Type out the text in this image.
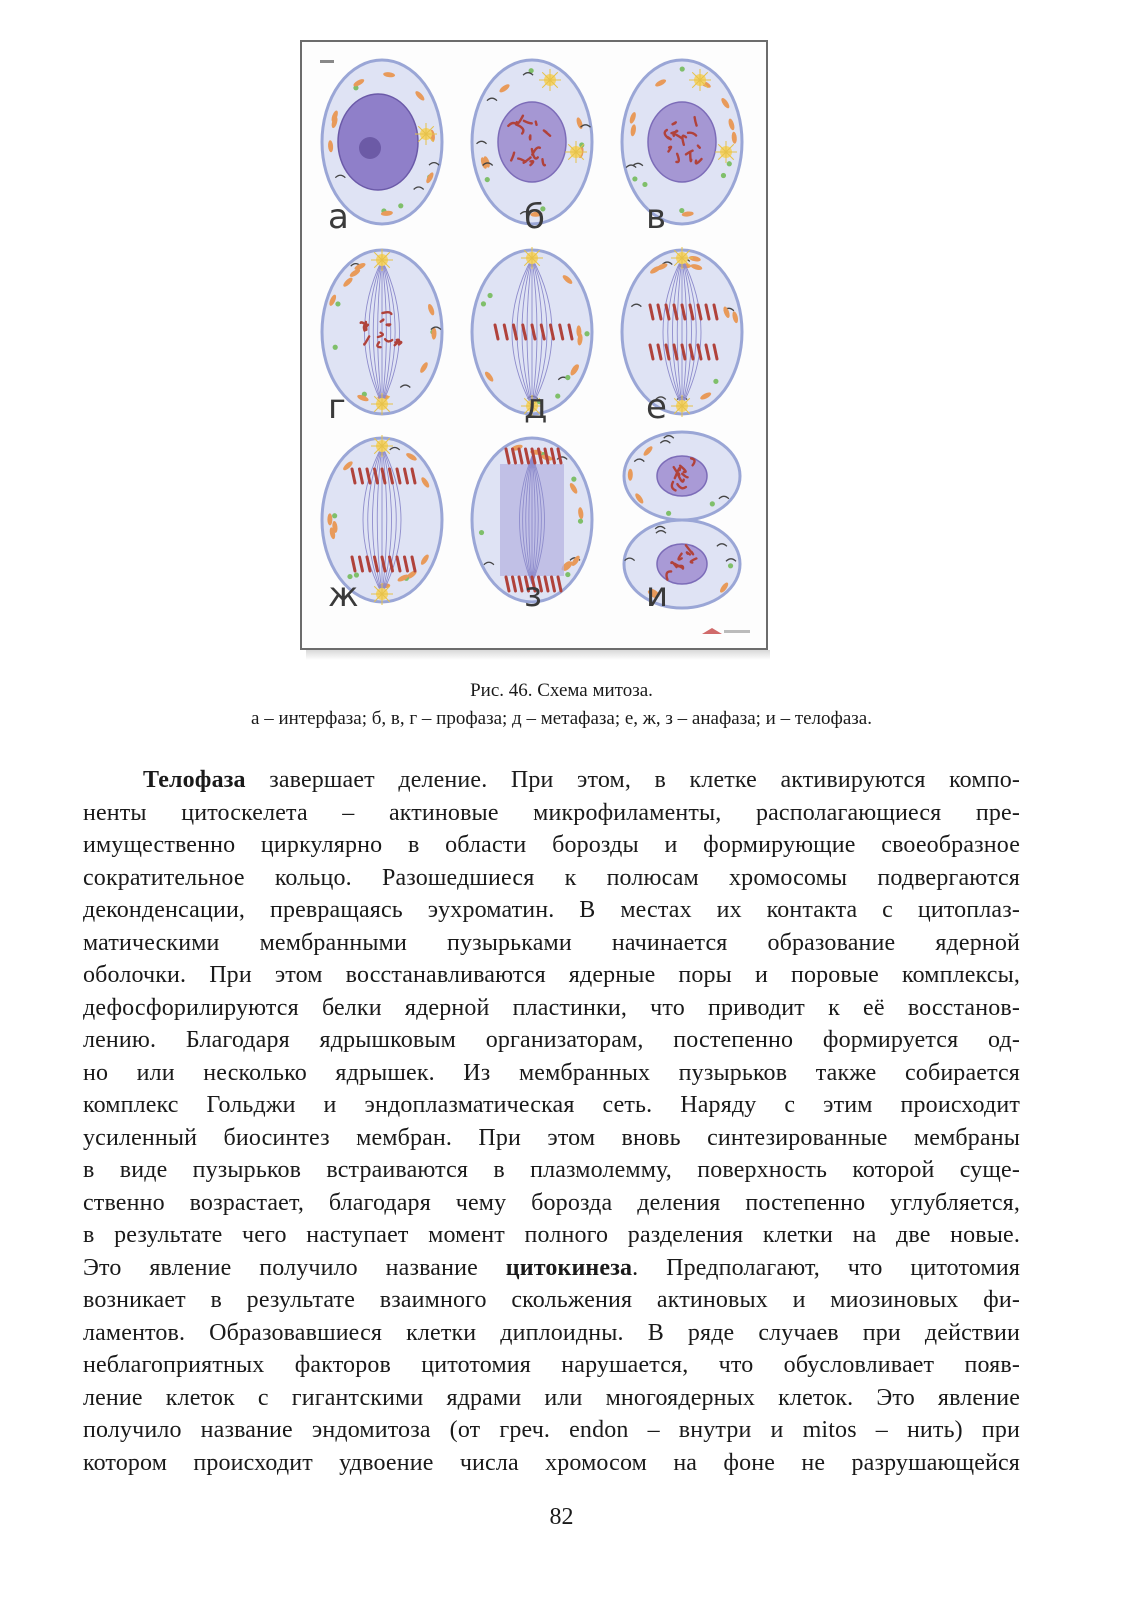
а	б	в
г	д	е
ж	з	и
Рис. 46. Схема митоза.
а – интерфаза; б, в, г – профаза; д – метафаза; е, ж, з – анафаза; и – телофаза.
Телофаза завершает деление. При этом, в клетке активируются компо-
ненты цитоскелета – актиновые микрофиламенты, располагающиеся пре-
имущественно циркулярно в области борозды и формирующие своеобразное
сократительное кольцо. Разошедшиеся к полюсам хромосомы подвергаются
деконденсации, превращаясь эухроматин. В местах их контакта с цитоплаз-
матическими мембранными пузырьками начинается образование ядерной
оболочки. При этом восстанавливаются ядерные поры и поровые комплексы,
дефосфорилируются белки ядерной пластинки, что приводит к её восстанов-
лению. Благодаря ядрышковым организаторам, постепенно формируется од-
но или несколько ядрышек. Из мембранных пузырьков также собирается
комплекс Гольджи и эндоплазматическая сеть. Наряду с этим происходит
усиленный биосинтез мембран. При этом вновь синтезированные мембраны
в виде пузырьков встраиваются в плазмолемму, поверхность которой суще-
ственно возрастает, благодаря чему борозда деления постепенно углубляется,
в результате чего наступает момент полного разделения клетки на две новые.
Это явление получило название цитокинеза. Предполагают, что цитотомия
возникает в результате взаимного скольжения актиновых и миозиновых фи-
ламентов. Образовавшиеся клетки диплоидны. В ряде случаев при действии
неблагоприятных факторов цитотомия нарушается, что обусловливает появ-
ление клеток с гигантскими ядрами или многоядерных клеток. Это явление
получило название эндомитоза (от греч. endon – внутри и mitos – нить) при
котором происходит удвоение числа хромосом на фоне не разрушающейся
82
